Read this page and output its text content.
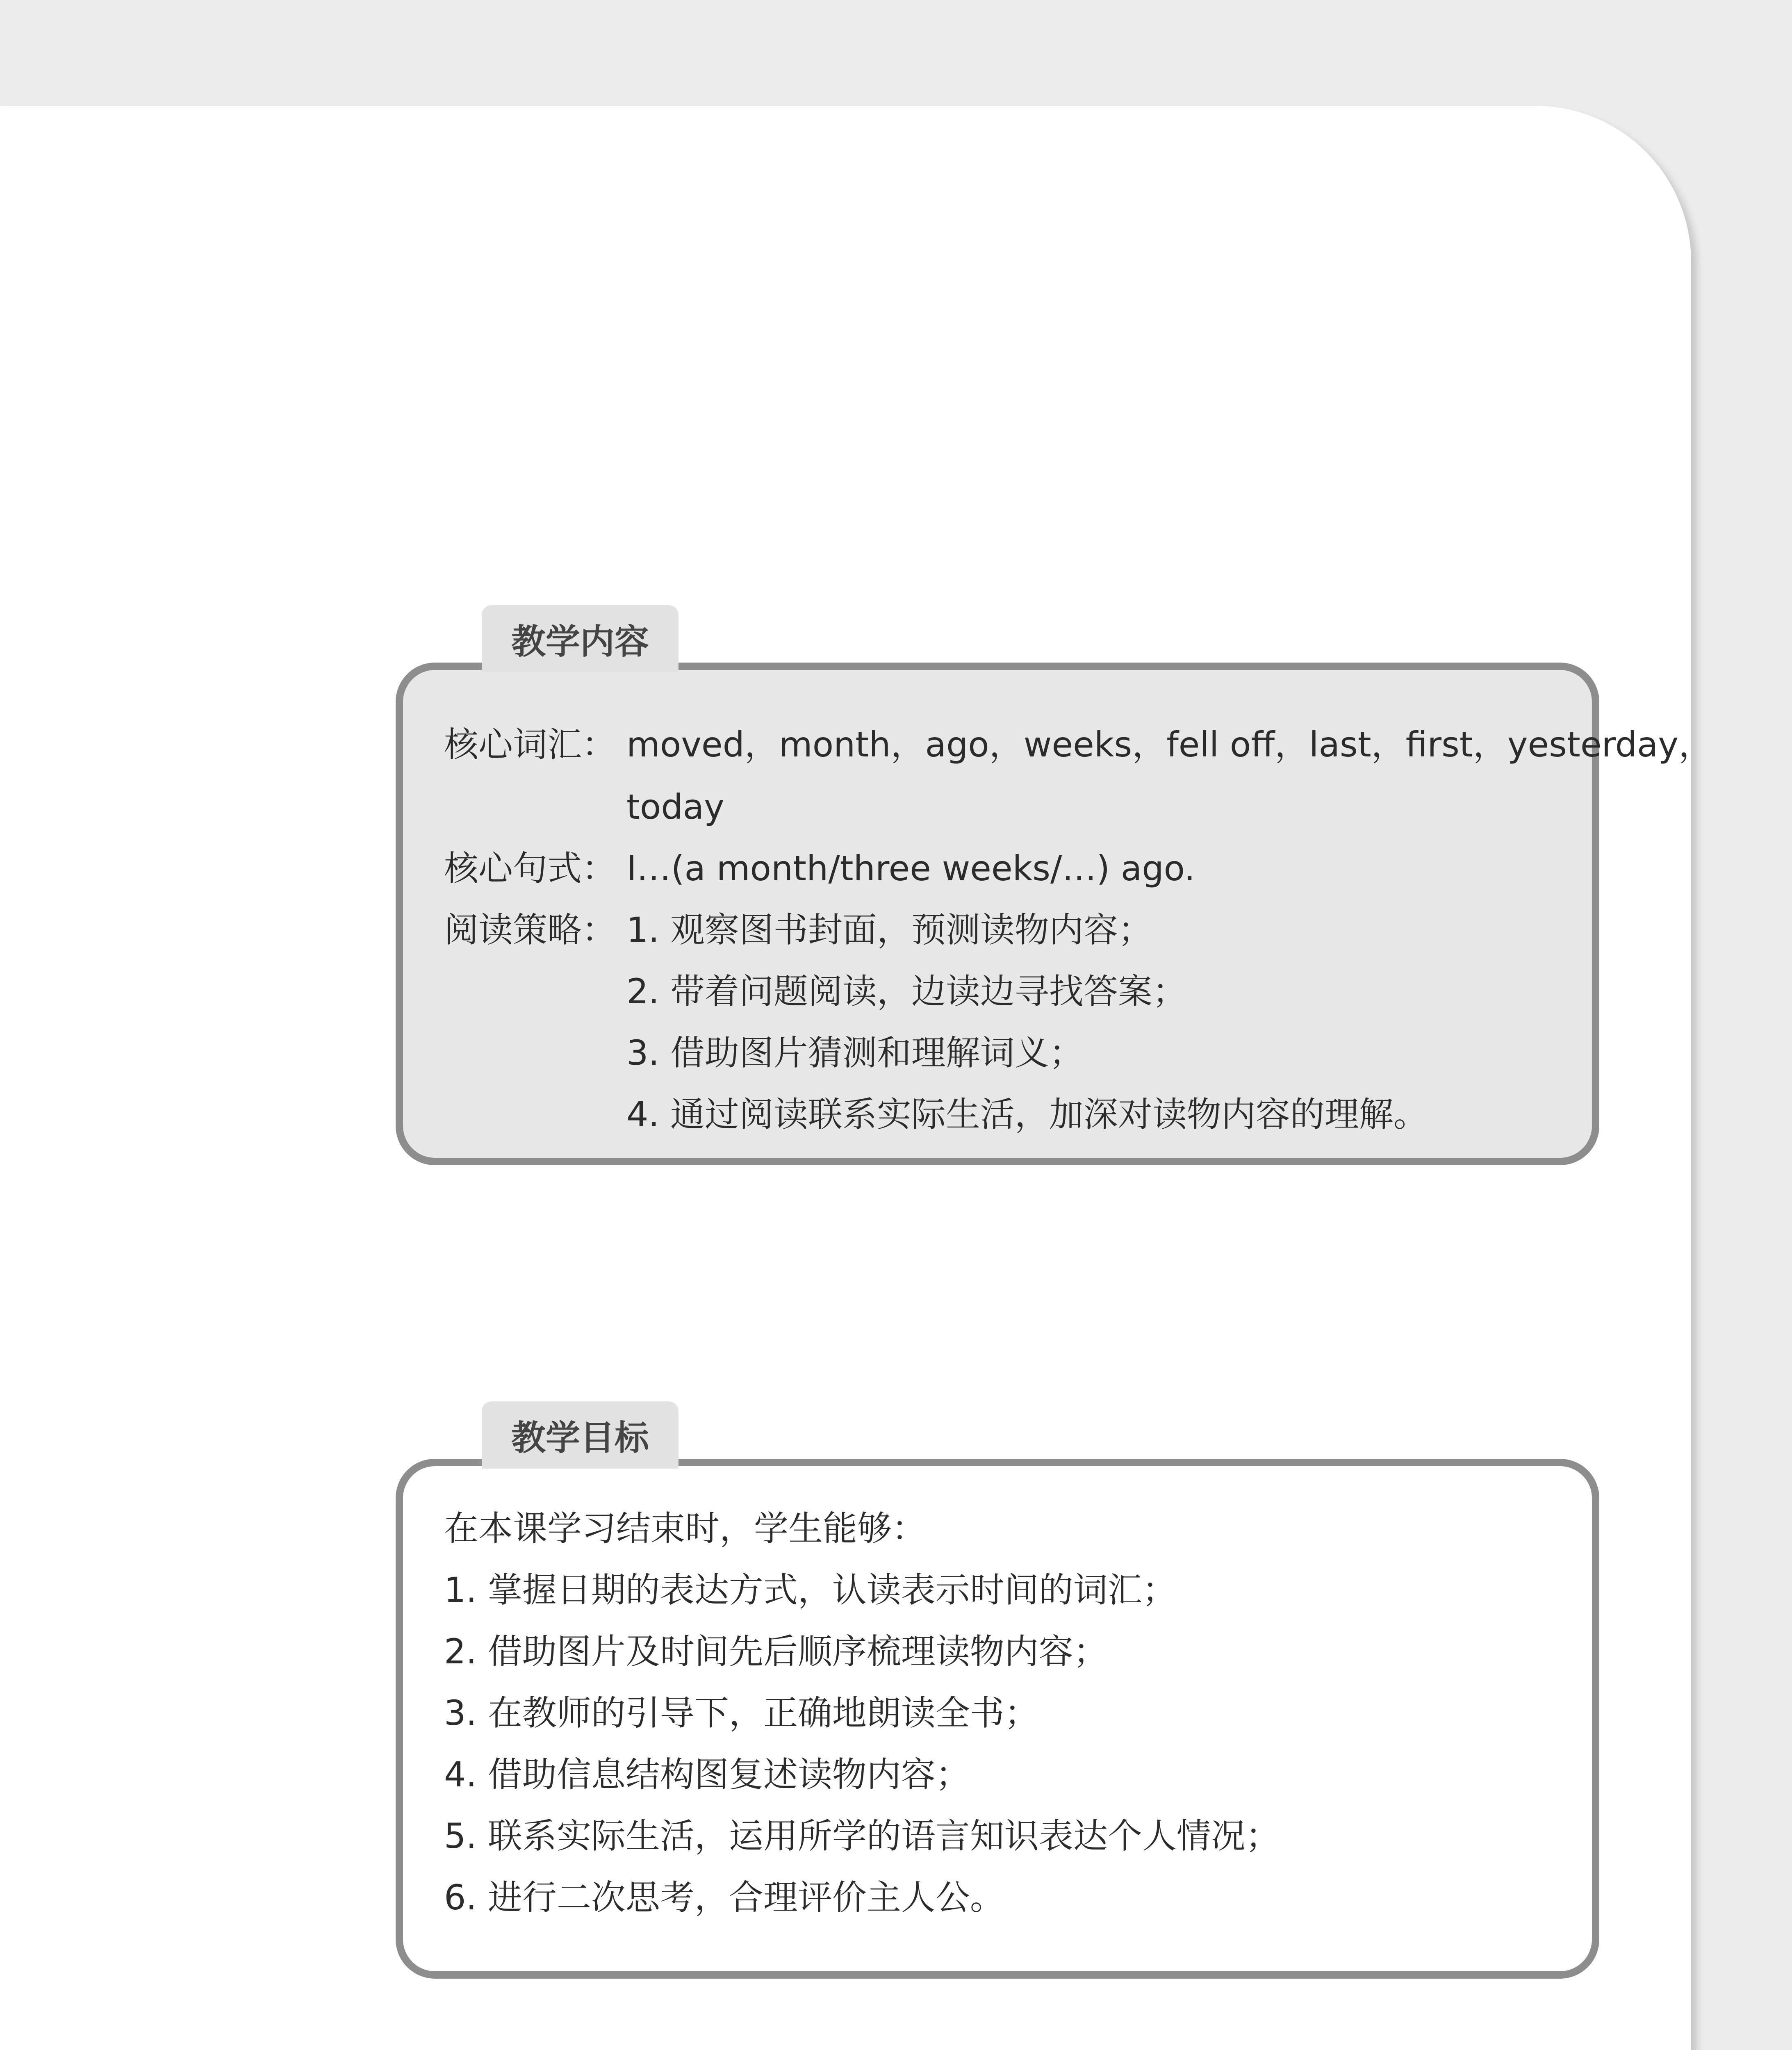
教学内容
核心词汇： moved，month，ago，weeks，fell off，last，first，yesterday，
today
核心句式： I…(a month/three weeks/…) ago.
阅读策略： 1. 观察图书封面，预测读物内容；
2. 带着问题阅读，边读边寻找答案；
3. 借助图片猜测和理解词义；
4. 通过阅读联系实际生活，加深对读物内容的理解。
教学目标
在本课学习结束时，学生能够：
1. 掌握日期的表达方式，认读表示时间的词汇；
2. 借助图片及时间先后顺序梳理读物内容；
3. 在教师的引导下，正确地朗读全书；
4. 借助信息结构图复述读物内容；
5. 联系实际生活，运用所学的语言知识表达个人情况；
6. 进行二次思考，合理评价主人公。
